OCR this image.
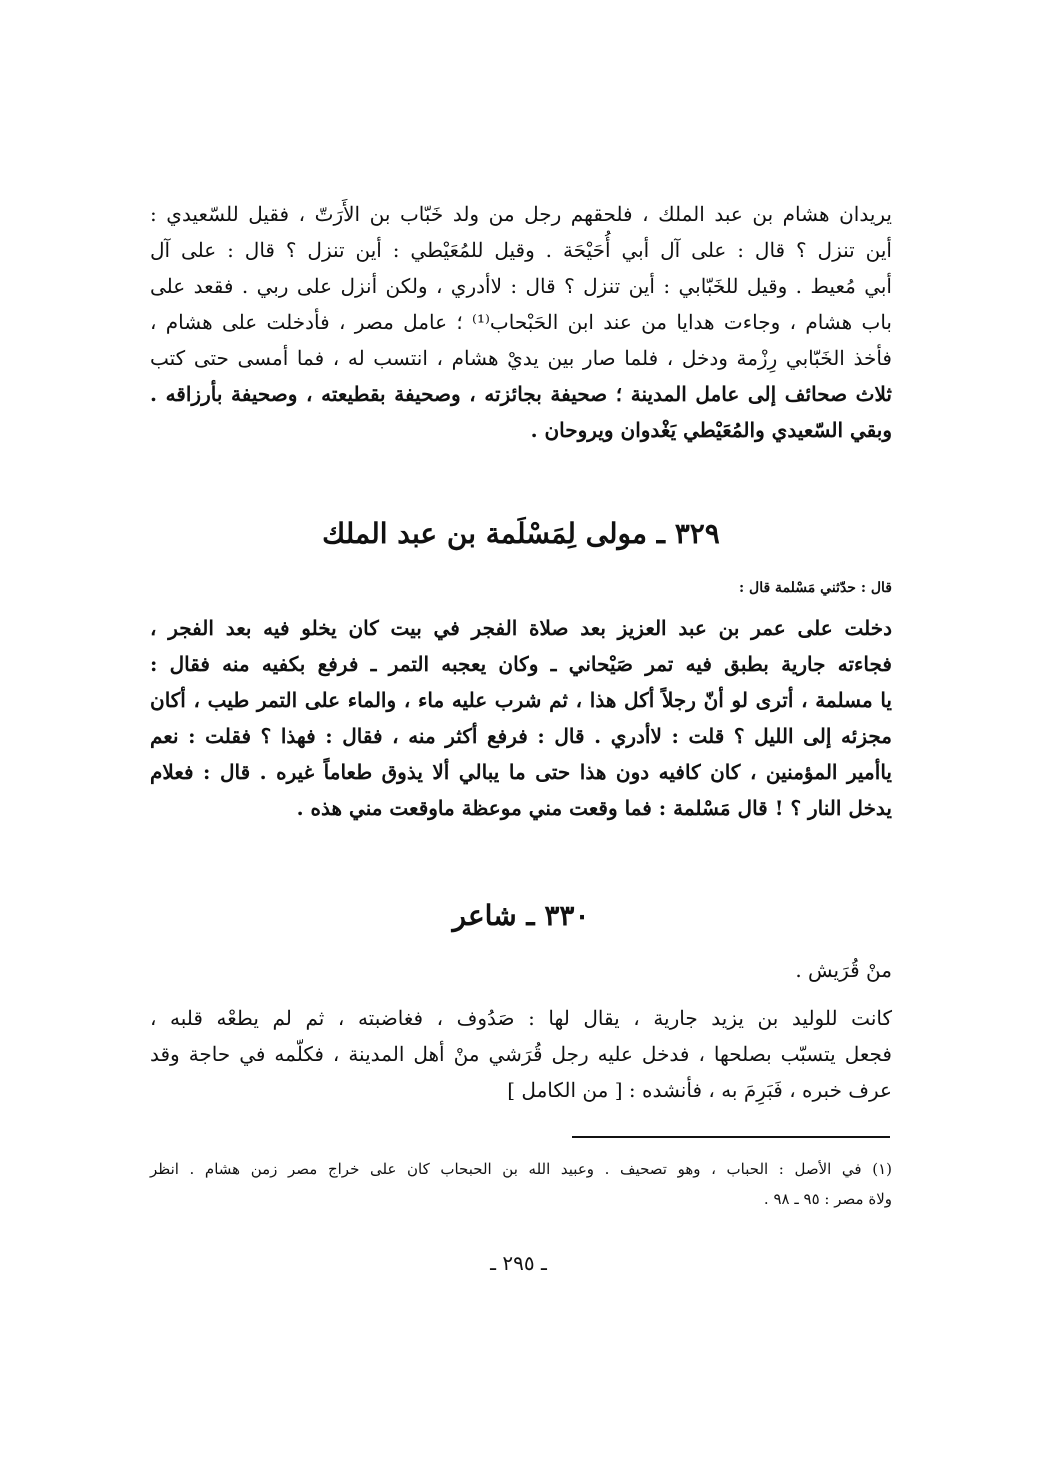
يريدان هشام بن عبد الملك ، فلحقهم رجل من ولد خَبّاب بن الأَرَتّ ، فقيل للسّعيدي :
أين تنزل ؟ قال : على آل أبي أُحَيْحَة . وقيل للمُعَيْطي : أين تنزل ؟ قال : على آل
أبي مُعيط . وقيل للخَبّابي : أين تنزل ؟ قال : لاأدري ، ولكن أنزل على ربي . فقعد على
باب هشام ، وجاءت هدايا من عند ابن الحَبْحاب⁽¹⁾ ؛ عامل مصر ، فأدخلت على هشام ،
فأخذ الخَبّابي رِزْمة ودخل ، فلما صار بين يديْ هشام ، انتسب له ، فما أمسى حتى كتب
ثلاث صحائف إلى عامل المدينة ؛ صحيفة بجائزته ، وصحيفة بقطيعته ، وصحيفة بأرزاقه .
وبقي السّعيدي والمُعَيْطي يَغْدوان ويروحان .
٣٢٩ ـ مولى لِمَسْلَمة بن عبد الملك
قال : حدّثني مَسْلمة قال :
دخلت على عمر بن عبد العزيز بعد صلاة الفجر في بيت كان يخلو فيه بعد الفجر ،
فجاءته جارية بطبق فيه تمر صَيْحاني ـ وكان يعجبه التمر ـ فرفع بكفيه منه فقال :
يا مسلمة ، أترى لو أنّ رجلاً أكل هذا ، ثم شرب عليه ماء ، والماء على التمر طيب ، أكان
مجزئه إلى الليل ؟ قلت : لاأدري . قال : فرفع أكثر منه ، فقال : فهذا ؟ فقلت : نعم
ياأمير المؤمنين ، كان كافيه دون هذا حتى ما يبالي ألا يذوق طعاماً غيره . قال : فعلام
يدخل النار ؟ ! قال مَسْلمة : فما وقعت مني موعظة ماوقعت مني هذه .
٣٣٠ ـ شاعر
منْ قُرَيش .
كانت للوليد بن يزيد جارية ، يقال لها : صَدُوف ، فغاضبته ، ثم لم يطعْه قلبه ،
فجعل يتسبّب بصلحها ، فدخل عليه رجل قُرَشي منْ أهل المدينة ، فكلّمه في حاجة وقد
عرف خبره ، فَبَرِمَ به ، فأنشده : [ من الكامل ]
(١) في الأصل : الحباب ، وهو تصحيف . وعبيد الله بن الحبحاب كان على خراج مصر زمن هشام . انظر
ولاة مصر : ٩٥ ـ ٩٨ .
ـ ٢٩٥ ـ
